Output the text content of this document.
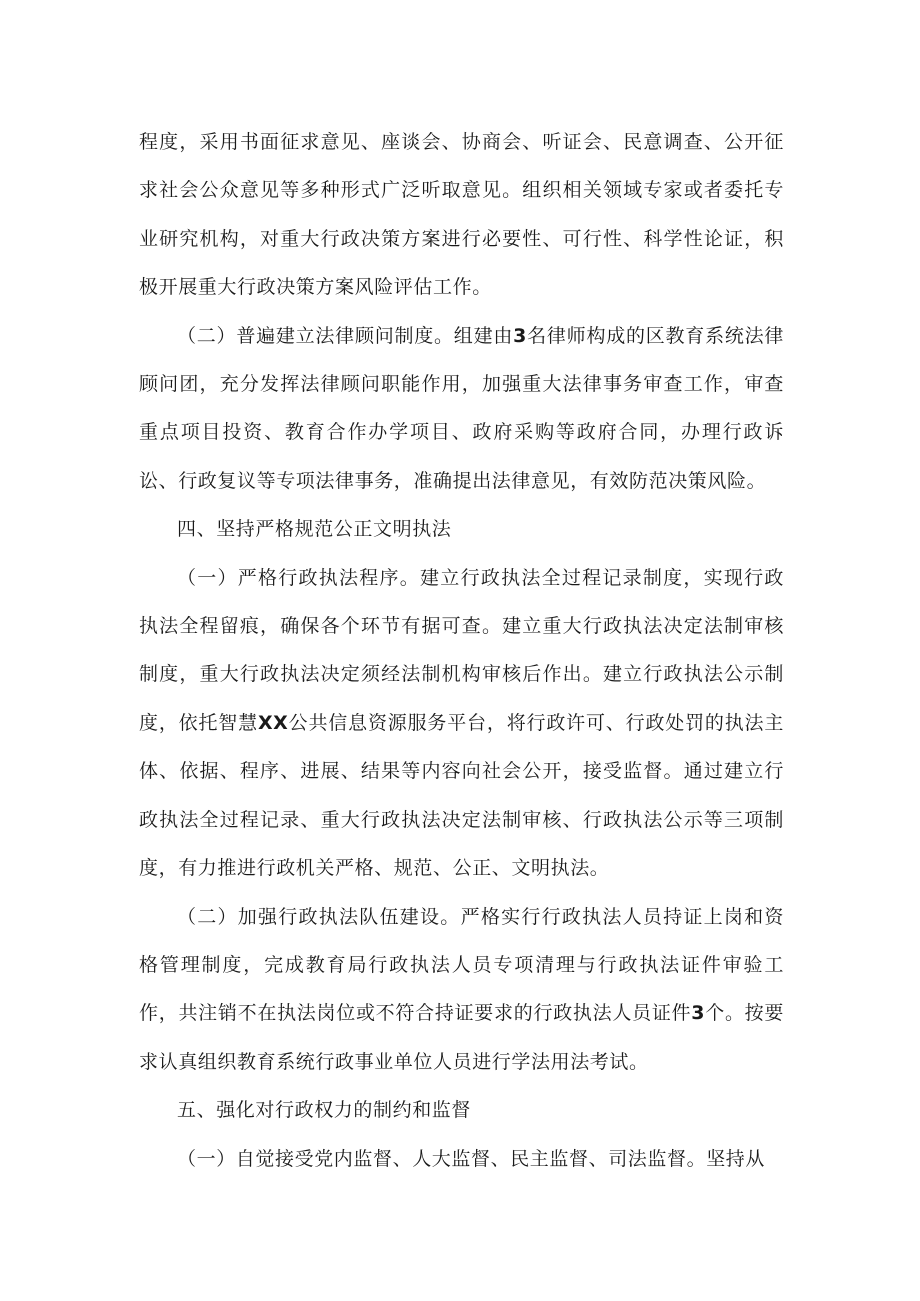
程度，采用书面征求意见、座谈会、协商会、听证会、民意调查、公开征求社会公众意见等多种形式广泛听取意见。组织相关领域专家或者委托专业研究机构，对重大行政决策方案进行必要性、可行性、科学性论证，积极开展重大行政决策方案风险评估工作。

（二）普遍建立法律顾问制度。组建由3名律师构成的区教育系统法律顾问团，充分发挥法律顾问职能作用，加强重大法律事务审查工作，审查重点项目投资、教育合作办学项目、政府采购等政府合同，办理行政诉讼、行政复议等专项法律事务，准确提出法律意见，有效防范决策风险。

四、坚持严格规范公正文明执法

（一）严格行政执法程序。建立行政执法全过程记录制度，实现行政执法全程留痕，确保各个环节有据可查。建立重大行政执法决定法制审核制度，重大行政执法决定须经法制机构审核后作出。建立行政执法公示制度，依托智慧XX公共信息资源服务平台，将行政许可、行政处罚的执法主体、依据、程序、进展、结果等内容向社会公开，接受监督。通过建立行政执法全过程记录、重大行政执法决定法制审核、行政执法公示等三项制度，有力推进行政机关严格、规范、公正、文明执法。

（二）加强行政执法队伍建设。严格实行行政执法人员持证上岗和资格管理制度，完成教育局行政执法人员专项清理与行政执法证件审验工作，共注销不在执法岗位或不符合持证要求的行政执法人员证件3个。按要求认真组织教育系统行政事业单位人员进行学法用法考试。

五、强化对行政权力的制约和监督

（一）自觉接受党内监督、人大监督、民主监督、司法监督。坚持从
